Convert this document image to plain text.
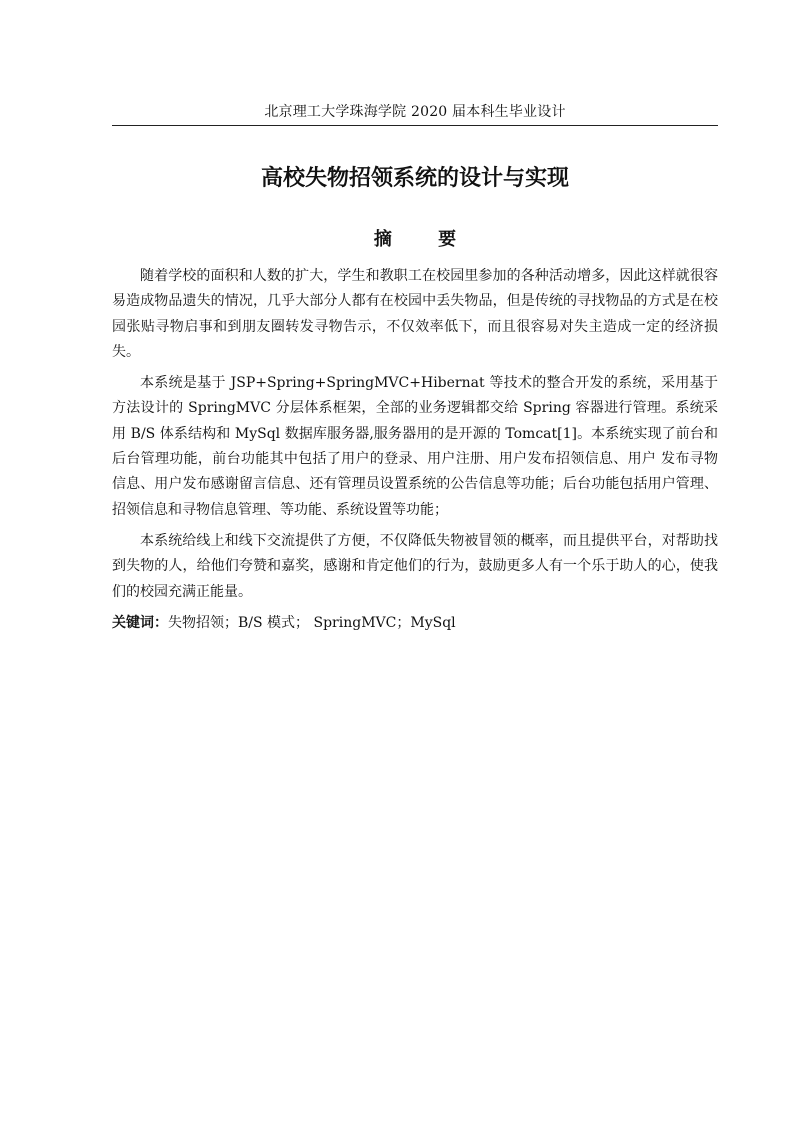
北京理工大学珠海学院 2020 届本科生毕业设计
高校失物招领系统的设计与实现
摘 要

随着学校的面积和人数的扩大，学生和教职工在校园里参加的各种活动增多，因此这样就很容易造成物品遗失的情况，几乎大部分人都有在校园中丢失物品，但是传统的寻找物品的方式是在校园张贴寻物启事和到朋友圈转发寻物告示，不仅效率低下，而且很容易对失主造成一定的经济损失。

本系统是基于 JSP+Spring+SpringMVC+Hibernat 等技术的整合开发的系统，采用基于方法设计的 SpringMVC 分层体系框架，全部的业务逻辑都交给 Spring 容器进行管理。系统采用 B/S 体系结构和 MySql 数据库服务器,服务器用的是开源的 Tomcat[1]。本系统实现了前台和后台管理功能，前台功能其中包括了用户的登录、用户注册、用户发布招领信息、用户 发布寻物信息、用户发布感谢留言信息、还有管理员设置系统的公告信息等功能；后台功能包括用户管理、招领信息和寻物信息管理、等功能、系统设置等功能；

本系统给线上和线下交流提供了方便，不仅降低失物被冒领的概率，而且提供平台，对帮助找到失物的人，给他们夸赞和嘉奖，感谢和肯定他们的行为，鼓励更多人有一个乐于助人的心，使我们的校园充满正能量。

关键词：失物招领；B/S 模式； SpringMVC；MySql
